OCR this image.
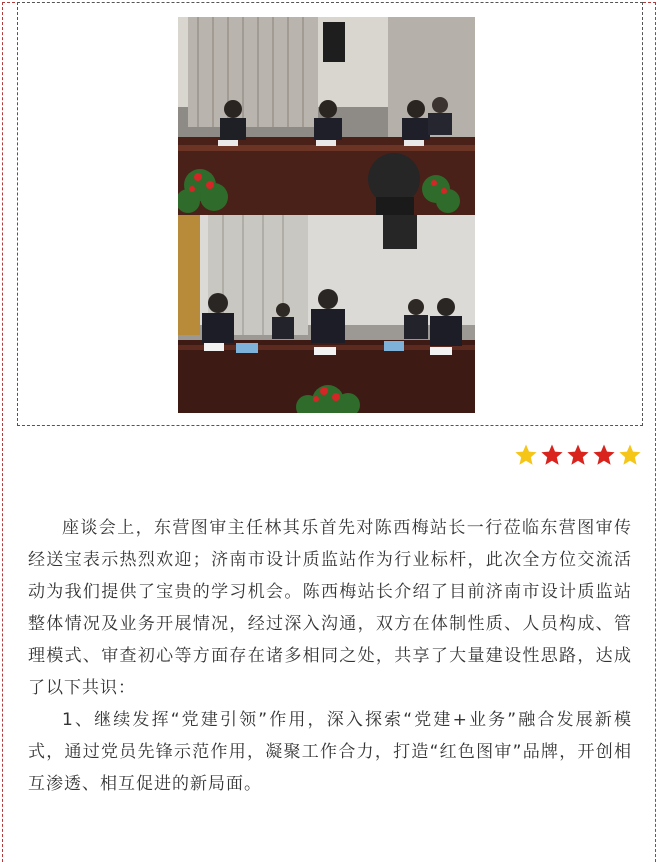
座谈会上，东营图审主任林其乐首先对陈西梅站长一行莅临东营图审传经送宝表示热烈欢迎；济南市设计质监站作为行业标杆，此次全方位交流活动为我们提供了宝贵的学习机会。陈西梅站长介绍了目前济南市设计质监站整体情况及业务开展情况，经过深入沟通，双方在体制性质、人员构成、管理模式、审查初心等方面存在诸多相同之处，共享了大量建设性思路，达成了以下共识：

1、继续发挥“党建引领”作用，深入探索“党建+业务”融合发展新模式，通过党员先锋示范作用，凝聚工作合力，打造“红色图审”品牌，开创相互渗透、相互促进的新局面。
